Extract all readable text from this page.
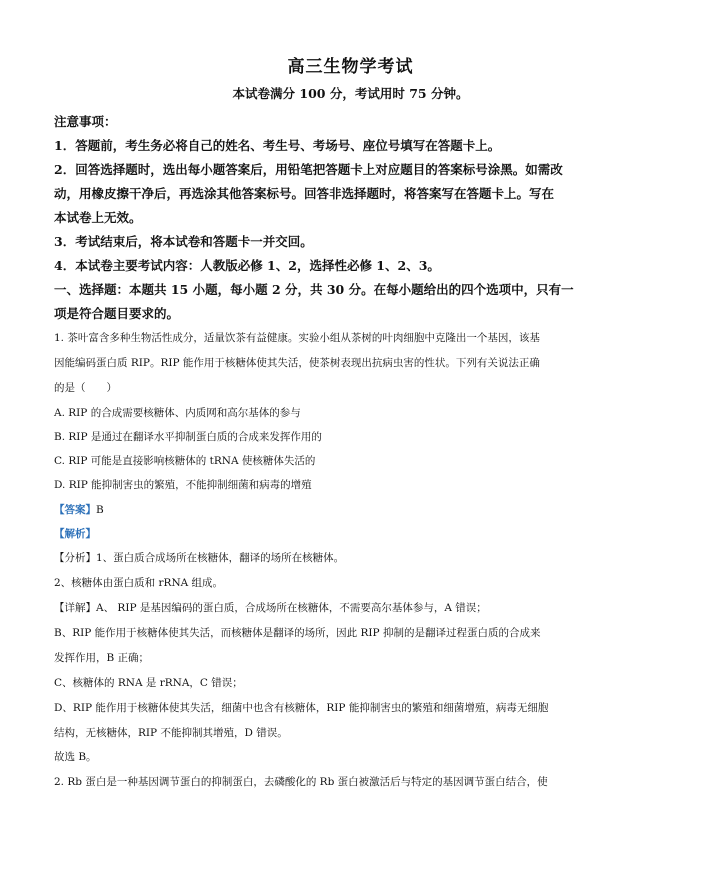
高三生物学考试
本试卷满分 100 分，考试用时 75 分钟。
注意事项：
1．答题前，考生务必将自己的姓名、考生号、考场号、座位号填写在答题卡上。
2．回答选择题时，选出每小题答案后，用铅笔把答题卡上对应题目的答案标号涂黑。如需改
动，用橡皮擦干净后，再选涂其他答案标号。回答非选择题时，将答案写在答题卡上。写在
本试卷上无效。
3．考试结束后，将本试卷和答题卡一并交回。
4．本试卷主要考试内容：人教版必修 1、2，选择性必修 1、2、3。
一、选择题：本题共 15 小题，每小题 2 分，共 30 分。在每小题给出的四个选项中，只有一
项是符合题目要求的。
1. 茶叶富含多种生物活性成分，适量饮茶有益健康。实验小组从茶树的叶肉细胞中克隆出一个基因，该基
因能编码蛋白质 RIP。RIP 能作用于核糖体使其失活，使茶树表现出抗病虫害的性状。下列有关说法正确
的是（　　）
A. RIP 的合成需要核糖体、内质网和高尔基体的参与
B. RIP 是通过在翻译水平抑制蛋白质的合成来发挥作用的
C. RIP 可能是直接影响核糖体的 tRNA 使核糖体失活的
D. RIP 能抑制害虫的繁殖，不能抑制细菌和病毒的增殖
【答案】B
【解析】
【分析】1、蛋白质合成场所在核糖体，翻译的场所在核糖体。
2、核糖体由蛋白质和 rRNA 组成。
【详解】A、 RIP 是基因编码的蛋白质，合成场所在核糖体，不需要高尔基体参与，A 错误；
B、RIP 能作用于核糖体使其失活，而核糖体是翻译的场所，因此 RIP 抑制的是翻译过程蛋白质的合成来
发挥作用，B 正确；
C、核糖体的 RNA 是 rRNA，C 错误；
D、RIP 能作用于核糖体使其失活，细菌中也含有核糖体，RIP 能抑制害虫的繁殖和细菌增殖，病毒无细胞
结构，无核糖体，RIP 不能抑制其增殖，D 错误。
故选 B。
2. Rb 蛋白是一种基因调节蛋白的抑制蛋白，去磷酸化的 Rb 蛋白被激活后与特定的基因调节蛋白结合，使
